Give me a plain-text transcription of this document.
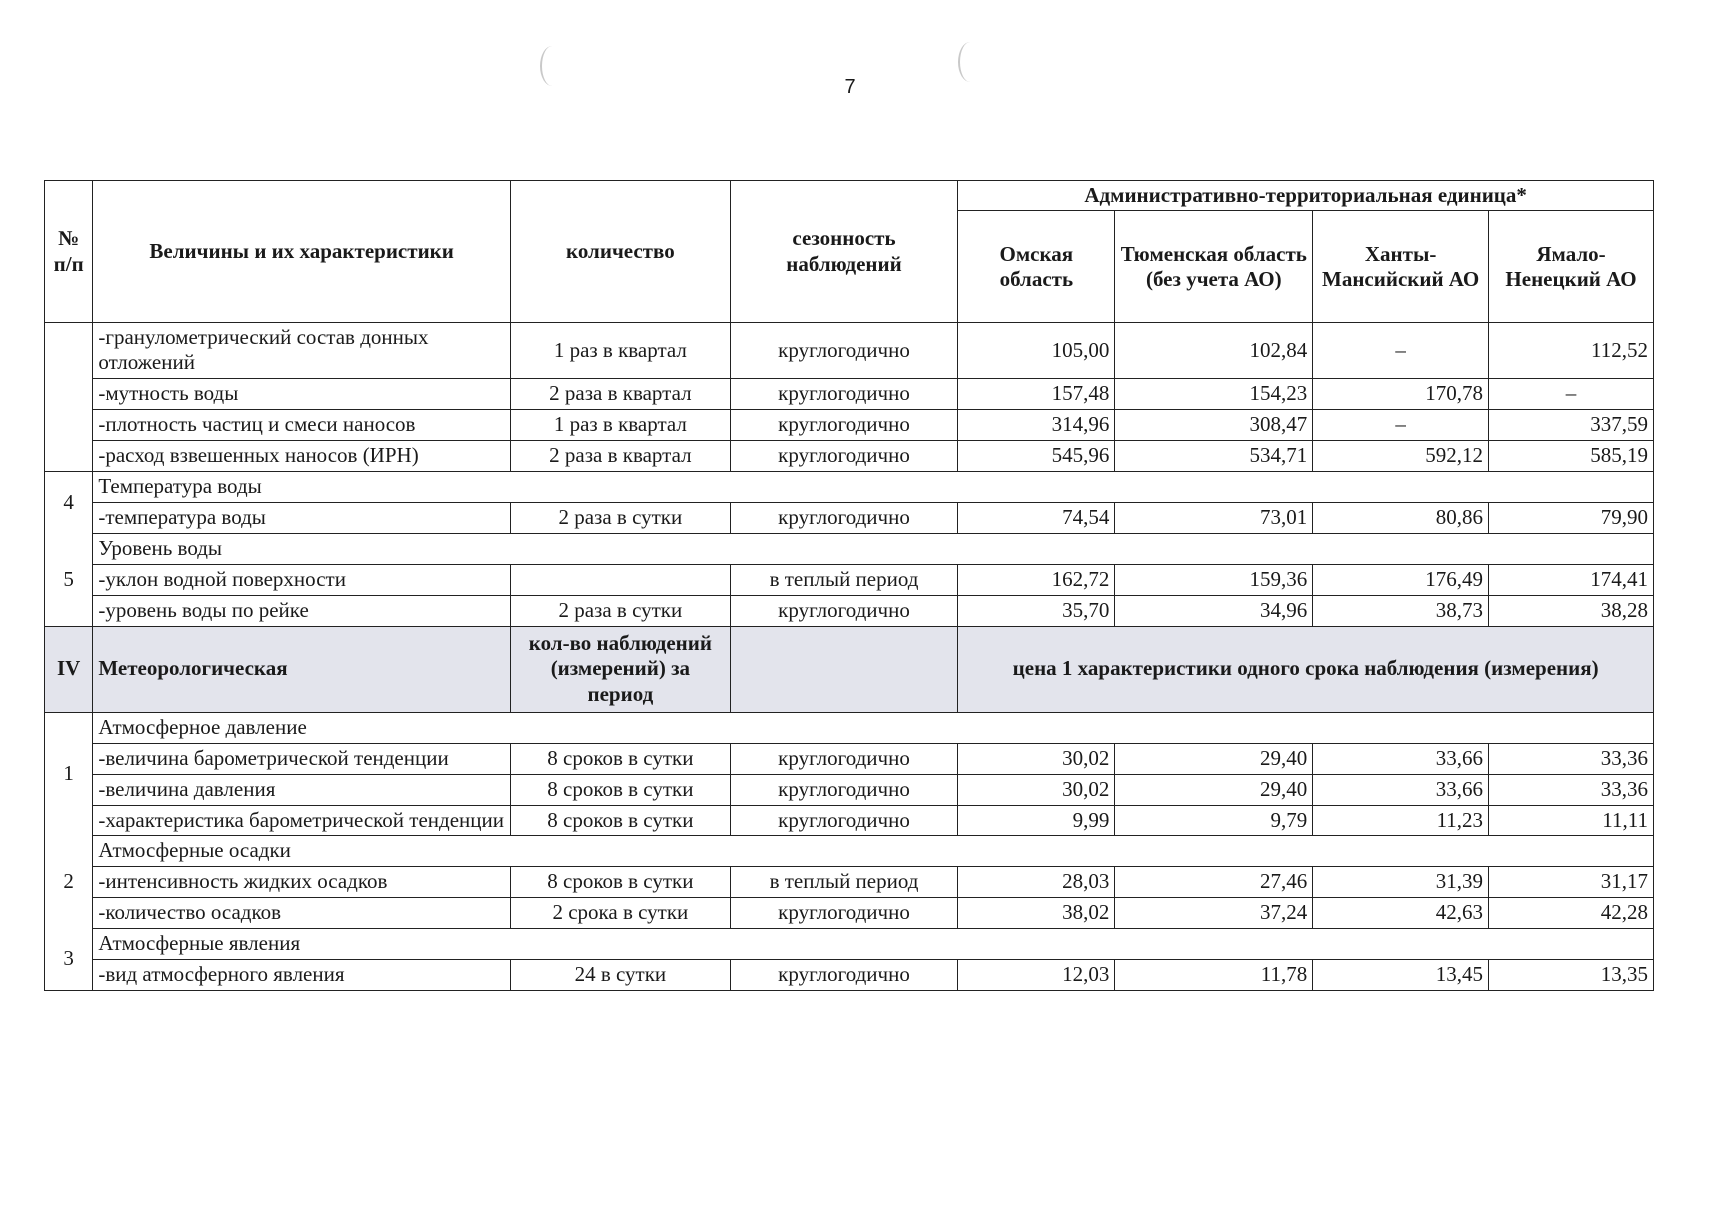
7
№ п/п	Величины и их характеристики	количество	сезонность наблюдений	Административно-территориальная единица*			
				Омская область	Тюменская область (без учета АО)	Ханты-Мансийский АО	Ямало-Ненецкий АО
	-гранулометрический состав донных отложений	1 раз в квартал	круглогодично	105,00	102,84	–	112,52
	-мутность воды	2 раза в квартал	круглогодично	157,48	154,23	170,78	–
	-плотность частиц и смеси наносов	1 раз в квартал	круглогодично	314,96	308,47	–	337,59
	-расход взвешенных наносов (ИРН)	2 раза в квартал	круглогодично	545,96	534,71	592,12	585,19
4	Температура воды						
	-температура воды	2 раза в сутки	круглогодично	74,54	73,01	80,86	79,90
5	Уровень воды						
	-уклон водной поверхности		в теплый период	162,72	159,36	176,49	174,41
	-уровень воды по рейке	2 раза в сутки	круглогодично	35,70	34,96	38,73	38,28
IV	Метеорологическая	кол-во наблюдений (измерений) за период		цена 1 характеристики одного срока наблюдения (измерения)			
1	Атмосферное давление						
	-величина барометрической тенденции	8 сроков в сутки	круглогодично	30,02	29,40	33,66	33,36
	-величина давления	8 сроков в сутки	круглогодично	30,02	29,40	33,66	33,36
	-характеристика барометрической тенденции	8 сроков в сутки	круглогодично	9,99	9,79	11,23	11,11
2	Атмосферные осадки						
	-интенсивность жидких осадков	8 сроков в сутки	в теплый период	28,03	27,46	31,39	31,17
	-количество осадков	2 срока в сутки	круглогодично	38,02	37,24	42,63	42,28
3	Атмосферные явления						
	-вид атмосферного явления	24 в сутки	круглогодично	12,03	11,78	13,45	13,35
